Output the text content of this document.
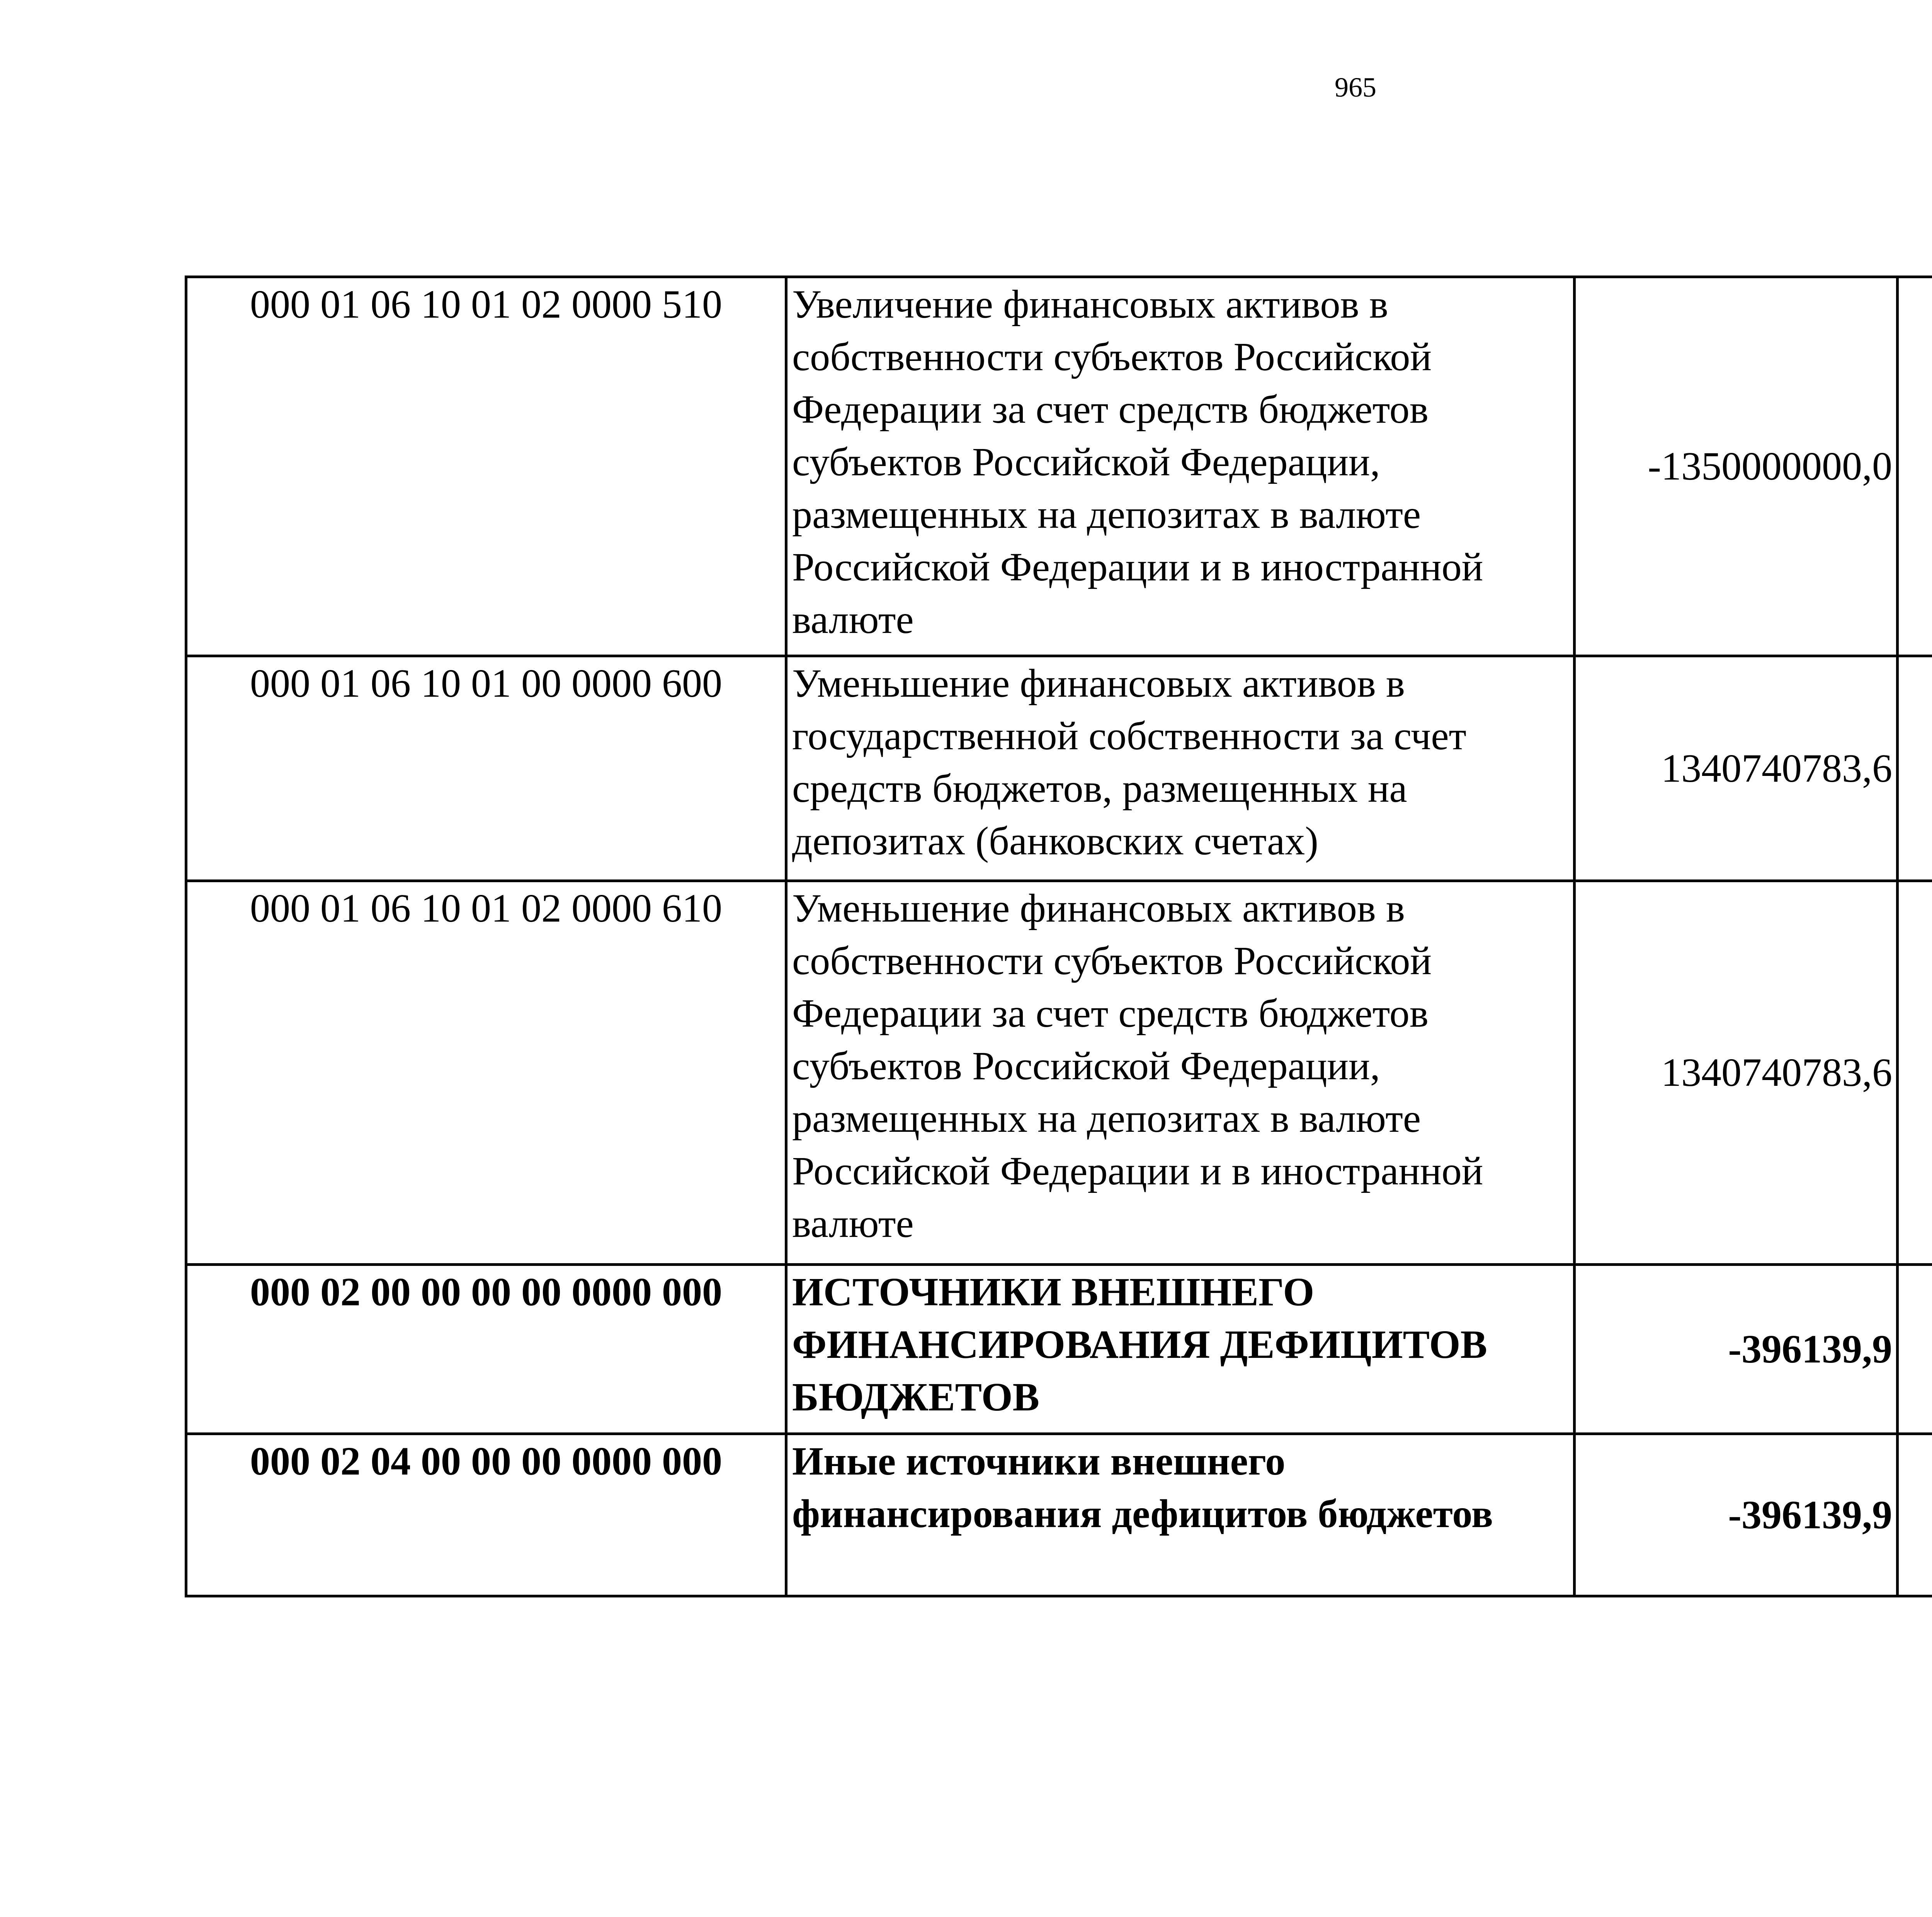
965
000 01 06 10 01 02 0000 510	Увеличение финансовых активов в собственности субъектов Российской Федерации за счет средств бюджетов субъектов Российской Федерации, размещенных на депозитах в валюте Российской Федерации и в иностранной валюте	-1350000000,0		
000 01 06 10 01 00 0000 600	Уменьшение финансовых активов в государственной собственности за счет средств бюджетов, размещенных на депозитах (банковских счетах)	1340740783,6		
000 01 06 10 01 02 0000 610	Уменьшение финансовых активов в собственности субъектов Российской Федерации за счет средств бюджетов субъектов Российской Федерации, размещенных на депозитах в валюте Российской Федерации и в иностранной валюте	1340740783,6		
000 02 00 00 00 00 0000 000	ИСТОЧНИКИ ВНЕШНЕГО ФИНАНСИРОВАНИЯ ДЕФИЦИТОВ БЮДЖЕТОВ	-396139,9		
000 02 04 00 00 00 0000 000	Иные источники внешнего финансирования дефицитов бюджетов	-396139,9		
